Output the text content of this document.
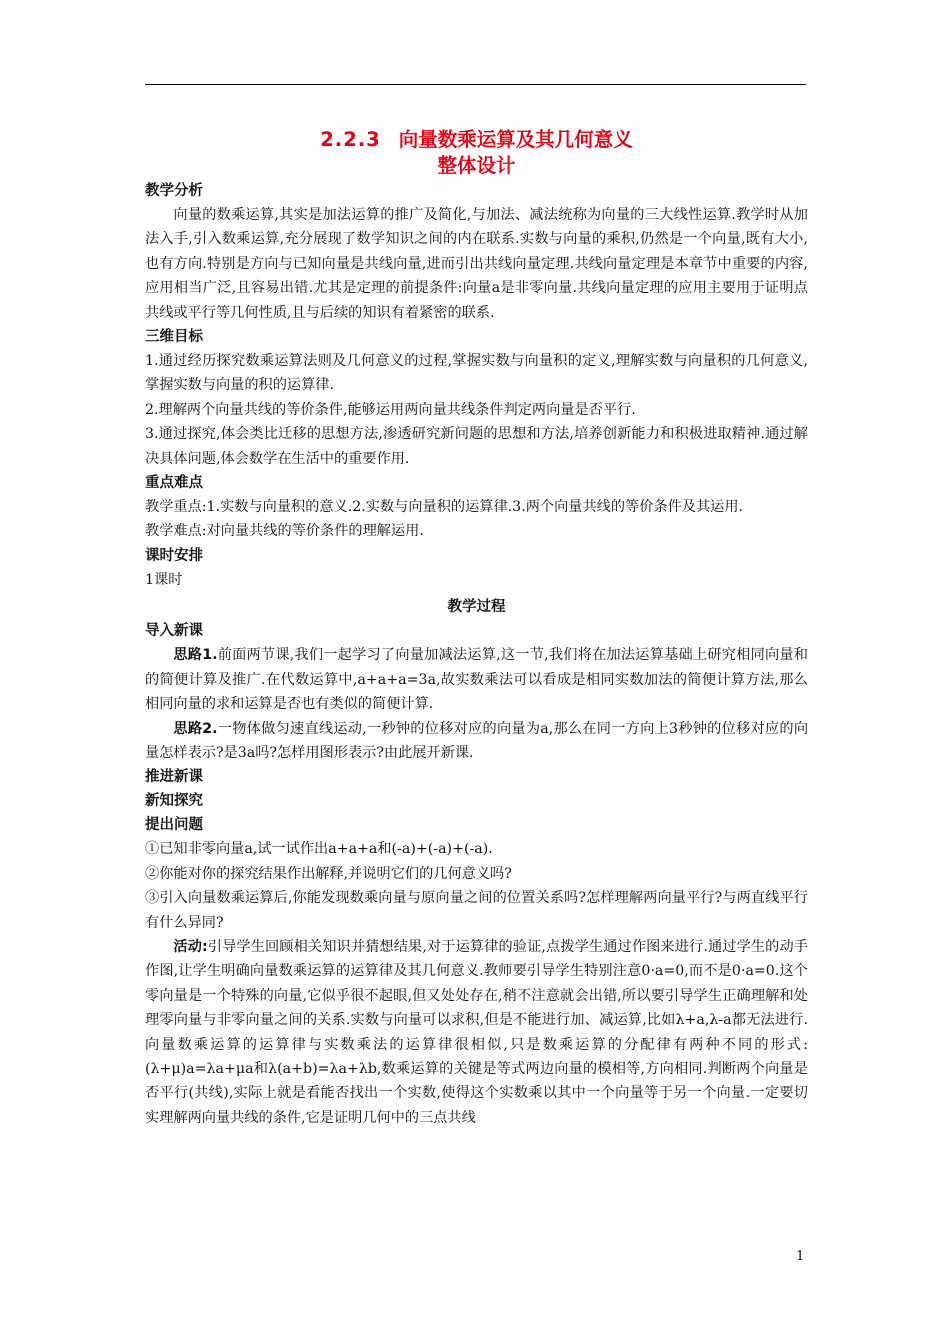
2.2.3 向量数乘运算及其几何意义
整体设计
教学分析
向量的数乘运算,其实是加法运算的推广及简化,与加法、减法统称为向量的三大线性运算.教学时从加法入手,引入数乘运算,充分展现了数学知识之间的内在联系.实数与向量的乘积,仍然是一个向量,既有大小,也有方向.特别是方向与已知向量是共线向量,进而引出共线向量定理.共线向量定理是本章节中重要的内容,应用相当广泛,且容易出错.尤其是定理的前提条件:向量a是非零向量.共线向量定理的应用主要用于证明点共线或平行等几何性质,且与后续的知识有着紧密的联系.
三维目标
1.通过经历探究数乘运算法则及几何意义的过程,掌握实数与向量积的定义,理解实数与向量积的几何意义,掌握实数与向量的积的运算律.
2.理解两个向量共线的等价条件,能够运用两向量共线条件判定两向量是否平行.
3.通过探究,体会类比迁移的思想方法,渗透研究新问题的思想和方法,培养创新能力和积极进取精神.通过解决具体问题,体会数学在生活中的重要作用.
重点难点
教学重点:1.实数与向量积的意义.2.实数与向量积的运算律.3.两个向量共线的等价条件及其运用.
教学难点:对向量共线的等价条件的理解运用.
课时安排
1课时
教学过程
导入新课
思路1.前面两节课,我们一起学习了向量加减法运算,这一节,我们将在加法运算基础上研究相同向量和的简便计算及推广.在代数运算中,a+a+a=3a,故实数乘法可以看成是相同实数加法的简便计算方法,那么相同向量的求和运算是否也有类似的简便计算.
思路2.一物体做匀速直线运动,一秒钟的位移对应的向量为a,那么在同一方向上3秒钟的位移对应的向量怎样表示?是3a吗?怎样用图形表示?由此展开新课.
推进新课
新知探究
提出问题
①已知非零向量a,试一试作出a+a+a和(-a)+(-a)+(-a).
②你能对你的探究结果作出解释,并说明它们的几何意义吗?
③引入向量数乘运算后,你能发现数乘向量与原向量之间的位置关系吗?怎样理解两向量平行?与两直线平行有什么异同?
活动:引导学生回顾相关知识并猜想结果,对于运算律的验证,点拨学生通过作图来进行.通过学生的动手作图,让学生明确向量数乘运算的运算律及其几何意义.教师要引导学生特别注意0·a=0,而不是0·a=0.这个零向量是一个特殊的向量,它似乎很不起眼,但又处处存在,稍不注意就会出错,所以要引导学生正确理解和处理零向量与非零向量之间的关系.实数与向量可以求积,但是不能进行加、减运算,比如λ+a,λ-a都无法进行.向量数乘运算的运算律与实数乘法的运算律很相似,只是数乘运算的分配律有两种不同的形式:(λ+μ)a=λa+μa和λ(a+b)=λa+λb,数乘运算的关键是等式两边向量的模相等,方向相同.判断两个向量是否平行(共线),实际上就是看能否找出一个实数,使得这个实数乘以其中一个向量等于另一个向量.一定要切实理解两向量共线的条件,它是证明几何中的三点共线
1
